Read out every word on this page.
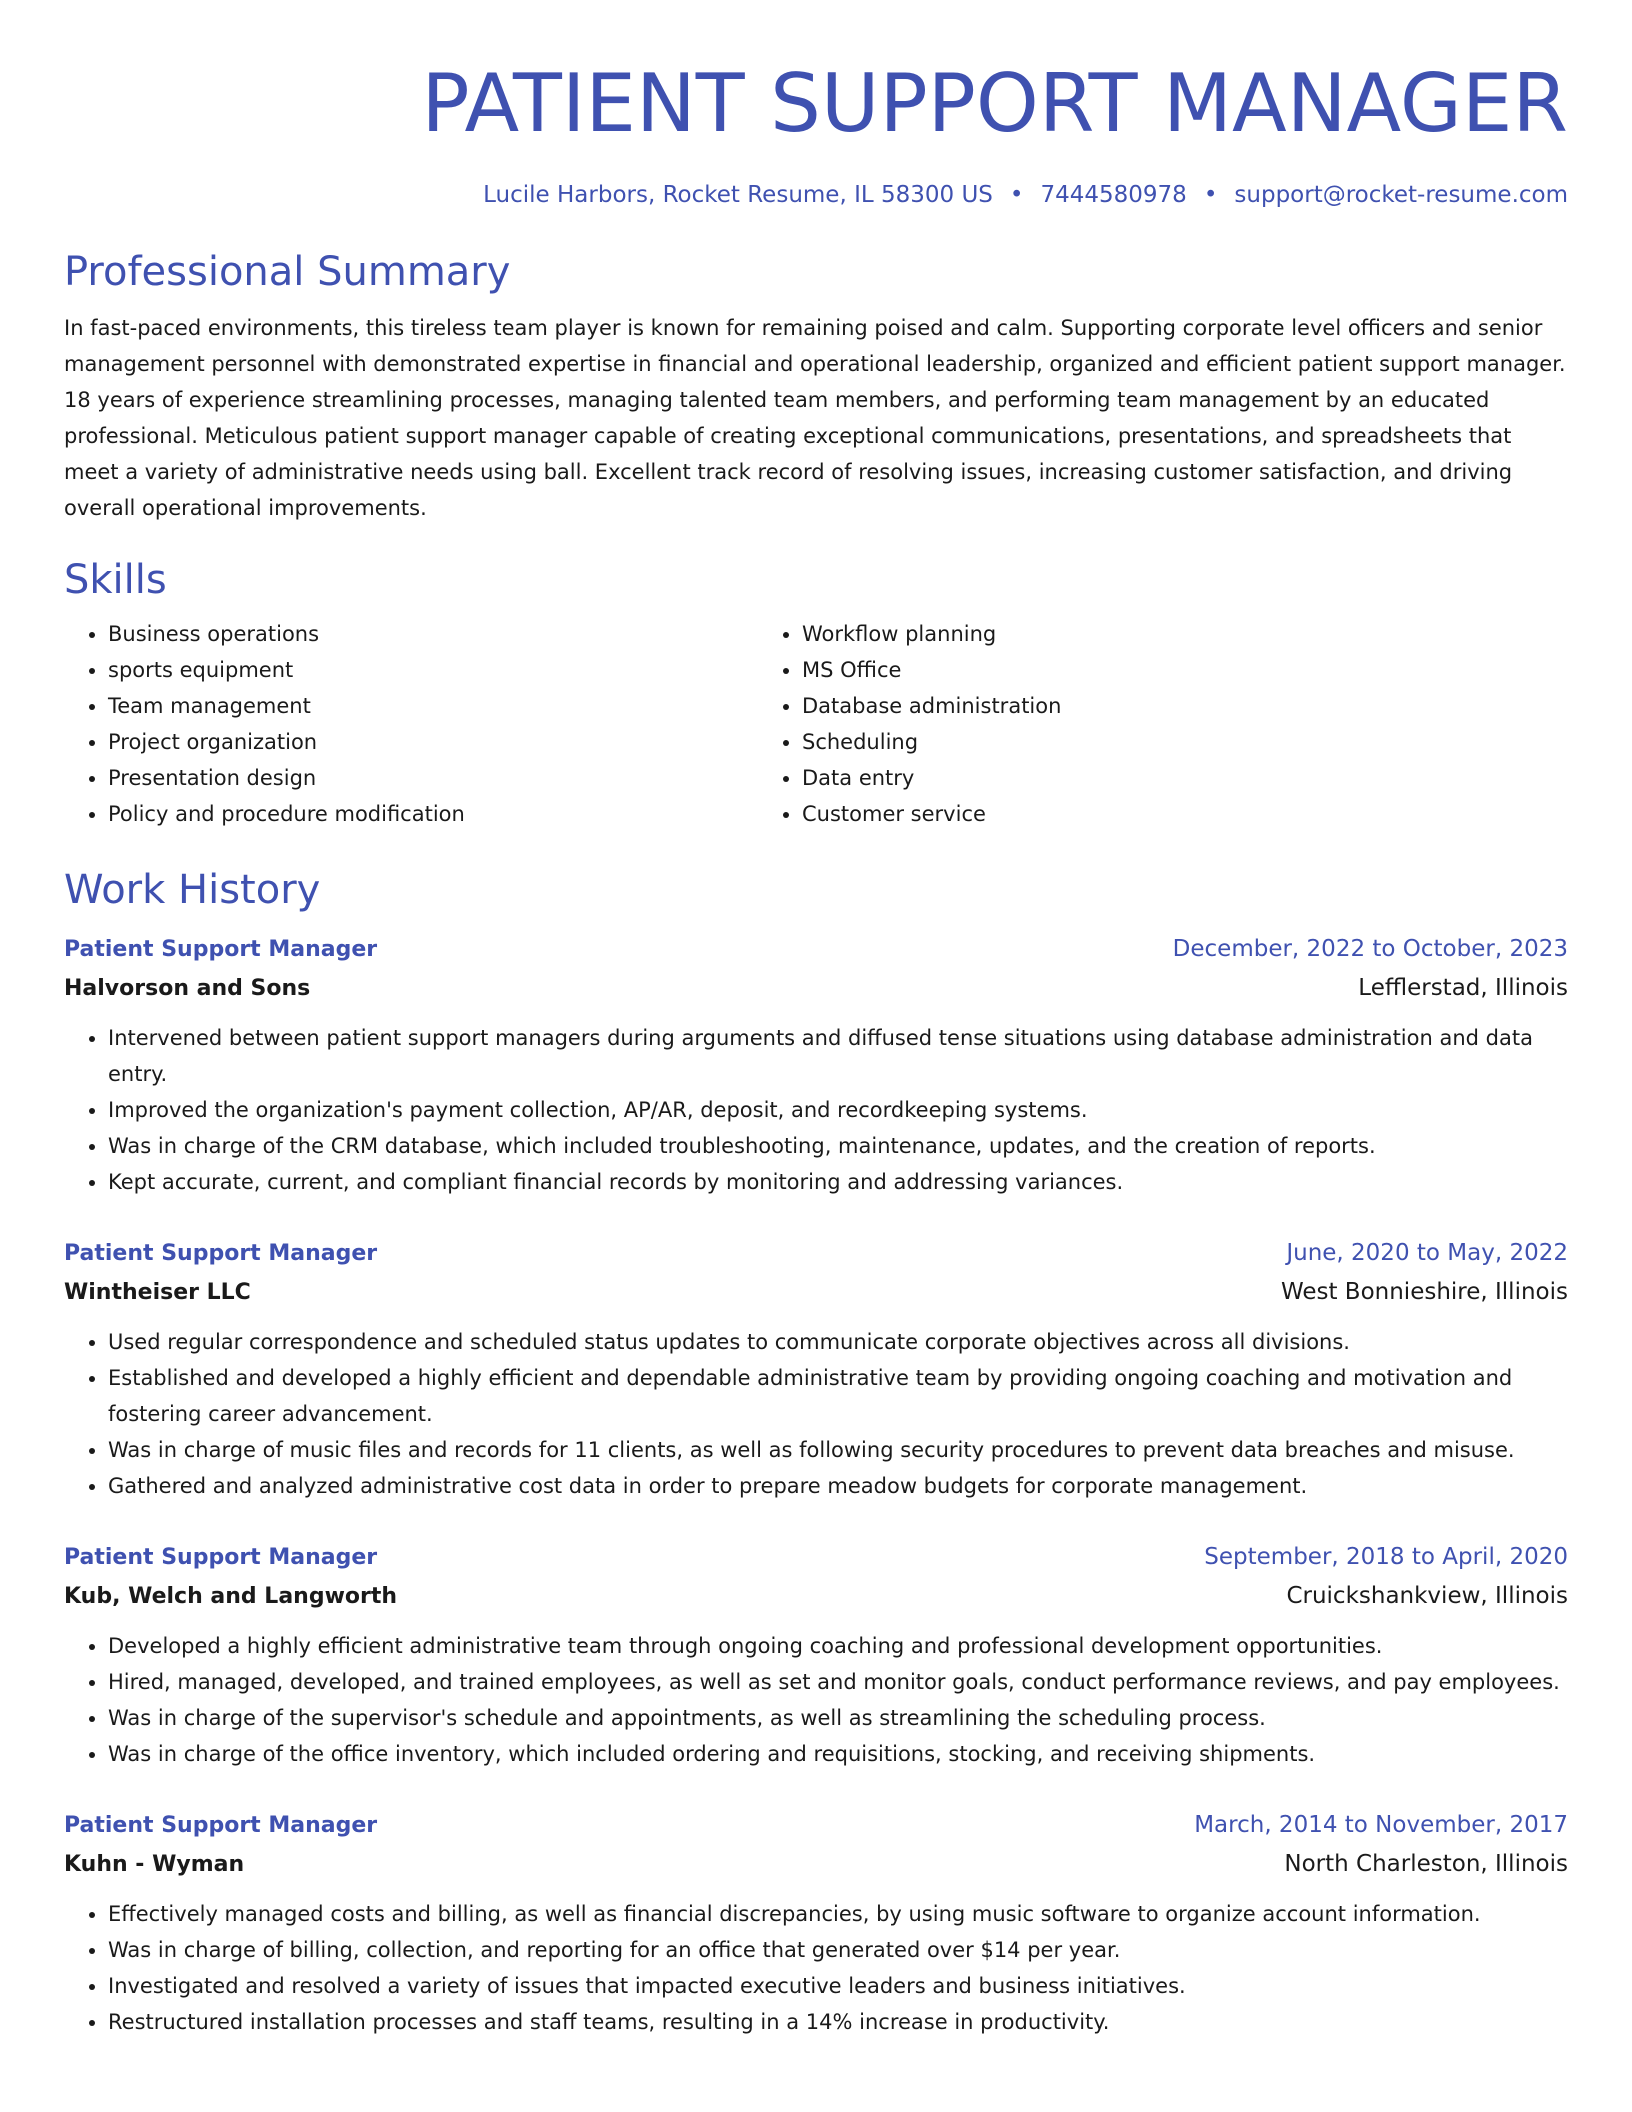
PATIENT SUPPORT MANAGER
Lucile Harbors, Rocket Resume, IL 58300 US • 7444580978 • support@rocket-resume.com
Professional Summary

In fast-paced environments, this tireless team player is known for remaining poised and calm. Supporting corporate level officers and senior management personnel with demonstrated expertise in financial and operational leadership, organized and efficient patient support manager. 18 years of experience streamlining processes, managing talented team members, and performing team management by an educated professional. Meticulous patient support manager capable of creating exceptional communications, presentations, and spreadsheets that meet a variety of administrative needs using ball. Excellent track record of resolving issues, increasing customer satisfaction, and driving overall operational improvements.

Skills
• Business operations
• sports equipment
• Team management
• Project organization
• Presentation design
• Policy and procedure modification
• Workflow planning
• MS Office
• Database administration
• Scheduling
• Data entry
• Customer service
Work History
Patient Support Manager	December, 2022 to October, 2023
Halvorson and Sons	Lefflerstad, Illinois
• Intervened between patient support managers during arguments and diffused tense situations using database administration and data entry.
• Improved the organization's payment collection, AP/AR, deposit, and recordkeeping systems.
• Was in charge of the CRM database, which included troubleshooting, maintenance, updates, and the creation of reports.
• Kept accurate, current, and compliant financial records by monitoring and addressing variances.
Patient Support Manager	June, 2020 to May, 2022
Wintheiser LLC	West Bonnieshire, Illinois
• Used regular correspondence and scheduled status updates to communicate corporate objectives across all divisions.
• Established and developed a highly efficient and dependable administrative team by providing ongoing coaching and motivation and fostering career advancement.
• Was in charge of music files and records for 11 clients, as well as following security procedures to prevent data breaches and misuse.
• Gathered and analyzed administrative cost data in order to prepare meadow budgets for corporate management.
Patient Support Manager	September, 2018 to April, 2020
Kub, Welch and Langworth	Cruickshankview, Illinois
• Developed a highly efficient administrative team through ongoing coaching and professional development opportunities.
• Hired, managed, developed, and trained employees, as well as set and monitor goals, conduct performance reviews, and pay employees.
• Was in charge of the supervisor's schedule and appointments, as well as streamlining the scheduling process.
• Was in charge of the office inventory, which included ordering and requisitions, stocking, and receiving shipments.
Patient Support Manager	March, 2014 to November, 2017
Kuhn - Wyman	North Charleston, Illinois
• Effectively managed costs and billing, as well as financial discrepancies, by using music software to organize account information.
• Was in charge of billing, collection, and reporting for an office that generated over $14 per year.
• Investigated and resolved a variety of issues that impacted executive leaders and business initiatives.
• Restructured installation processes and staff teams, resulting in a 14% increase in productivity.
